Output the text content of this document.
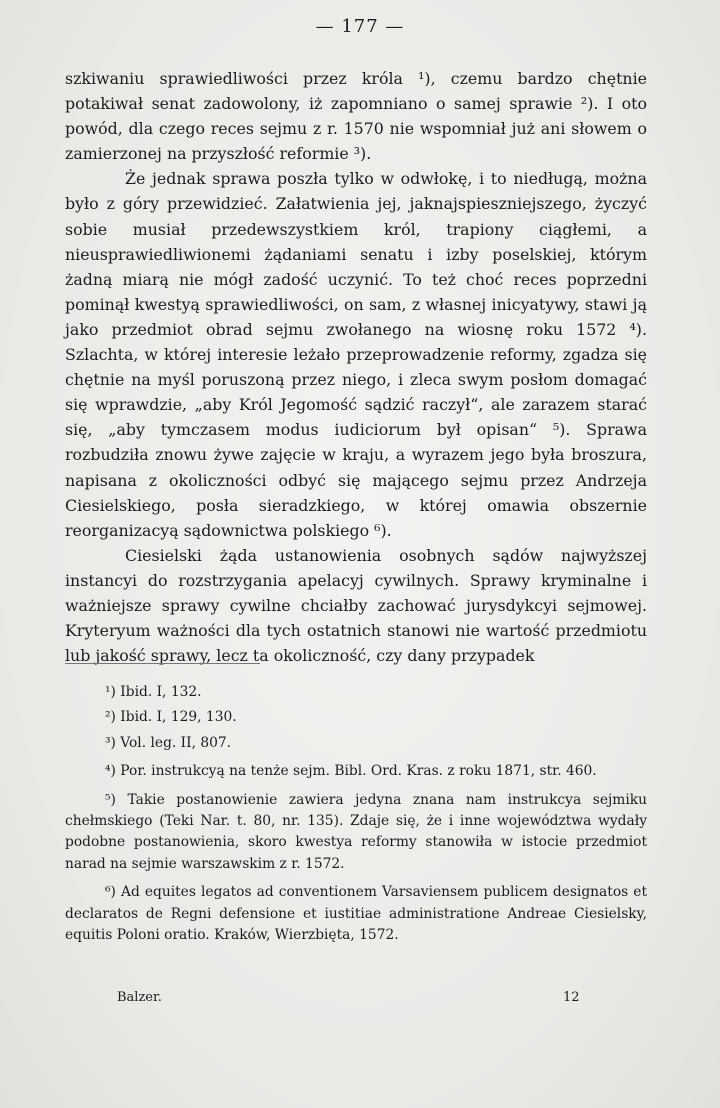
— 177 —

szkiwaniu sprawiedliwości przez króla ¹), czemu bardzo chętnie potakiwał senat zadowolony, iż zapomniano o samej sprawie ²). I oto powód, dla czego reces sejmu z r. 1570 nie wspomniał już ani słowem o zamierzonej na przyszłość reformie ³).

Że jednak sprawa poszła tylko w odwłokę, i to niedługą, można było z góry przewidzieć. Załatwienia jej, jaknajspieszniejszego, życzyć sobie musiał przedewszystkiem król, trapiony ciągłemi, a nieusprawiedliwionemi żądaniami senatu i izby poselskiej, którym żadną miarą nie mógł zadość uczynić. To też choć reces poprzedni pominął kwestyą sprawiedliwości, on sam, z własnej inicyatywy, stawi ją jako przedmiot obrad sejmu zwołanego na wiosnę roku 1572 ⁴). Szlachta, w której interesie leżało przeprowadzenie reformy, zgadza się chętnie na myśl poruszoną przez niego, i zleca swym posłom domagać się wprawdzie, „aby Król Jegomość sądzić raczył“, ale zarazem starać się, „aby tymczasem modus iudiciorum był opisan“ ⁵). Sprawa rozbudziła znowu żywe zajęcie w kraju, a wyrazem jego była broszura, napisana z okoliczności odbyć się mającego sejmu przez Andrzeja Ciesielskiego, posła sieradzkiego, w której omawia obszernie reorganizacyą sądownictwa polskiego ⁶).

Ciesielski żąda ustanowienia osobnych sądów najwyższej instancyi do rozstrzygania apelacyj cywilnych. Sprawy kryminalne i ważniejsze sprawy cywilne chciałby zachować jurysdykcyi sejmowej. Kryteryum ważności dla tych ostatnich stanowi nie wartość przedmiotu lub jakość sprawy, lecz ta okoliczność, czy dany przypadek

¹) Ibid. I, 132.

²) Ibid. I, 129, 130.

³) Vol. leg. II, 807.

⁴) Por. instrukcyą na tenże sejm. Bibl. Ord. Kras. z roku 1871, str. 460.

⁵) Takie postanowienie zawiera jedyna znana nam instrukcya sejmiku chełmskiego (Teki Nar. t. 80, nr. 135). Zdaje się, że i inne województwa wydały podobne postanowienia, skoro kwestya reformy stanowiła w istocie przedmiot narad na sejmie warszawskim z r. 1572.

⁶) Ad equites legatos ad conventionem Varsaviensem publicem designatos et declaratos de Regni defensione et iustitiae administratione Andreae Ciesielsky, equitis Poloni oratio. Kraków, Wierzbięta, 1572.

Balzer.	12
